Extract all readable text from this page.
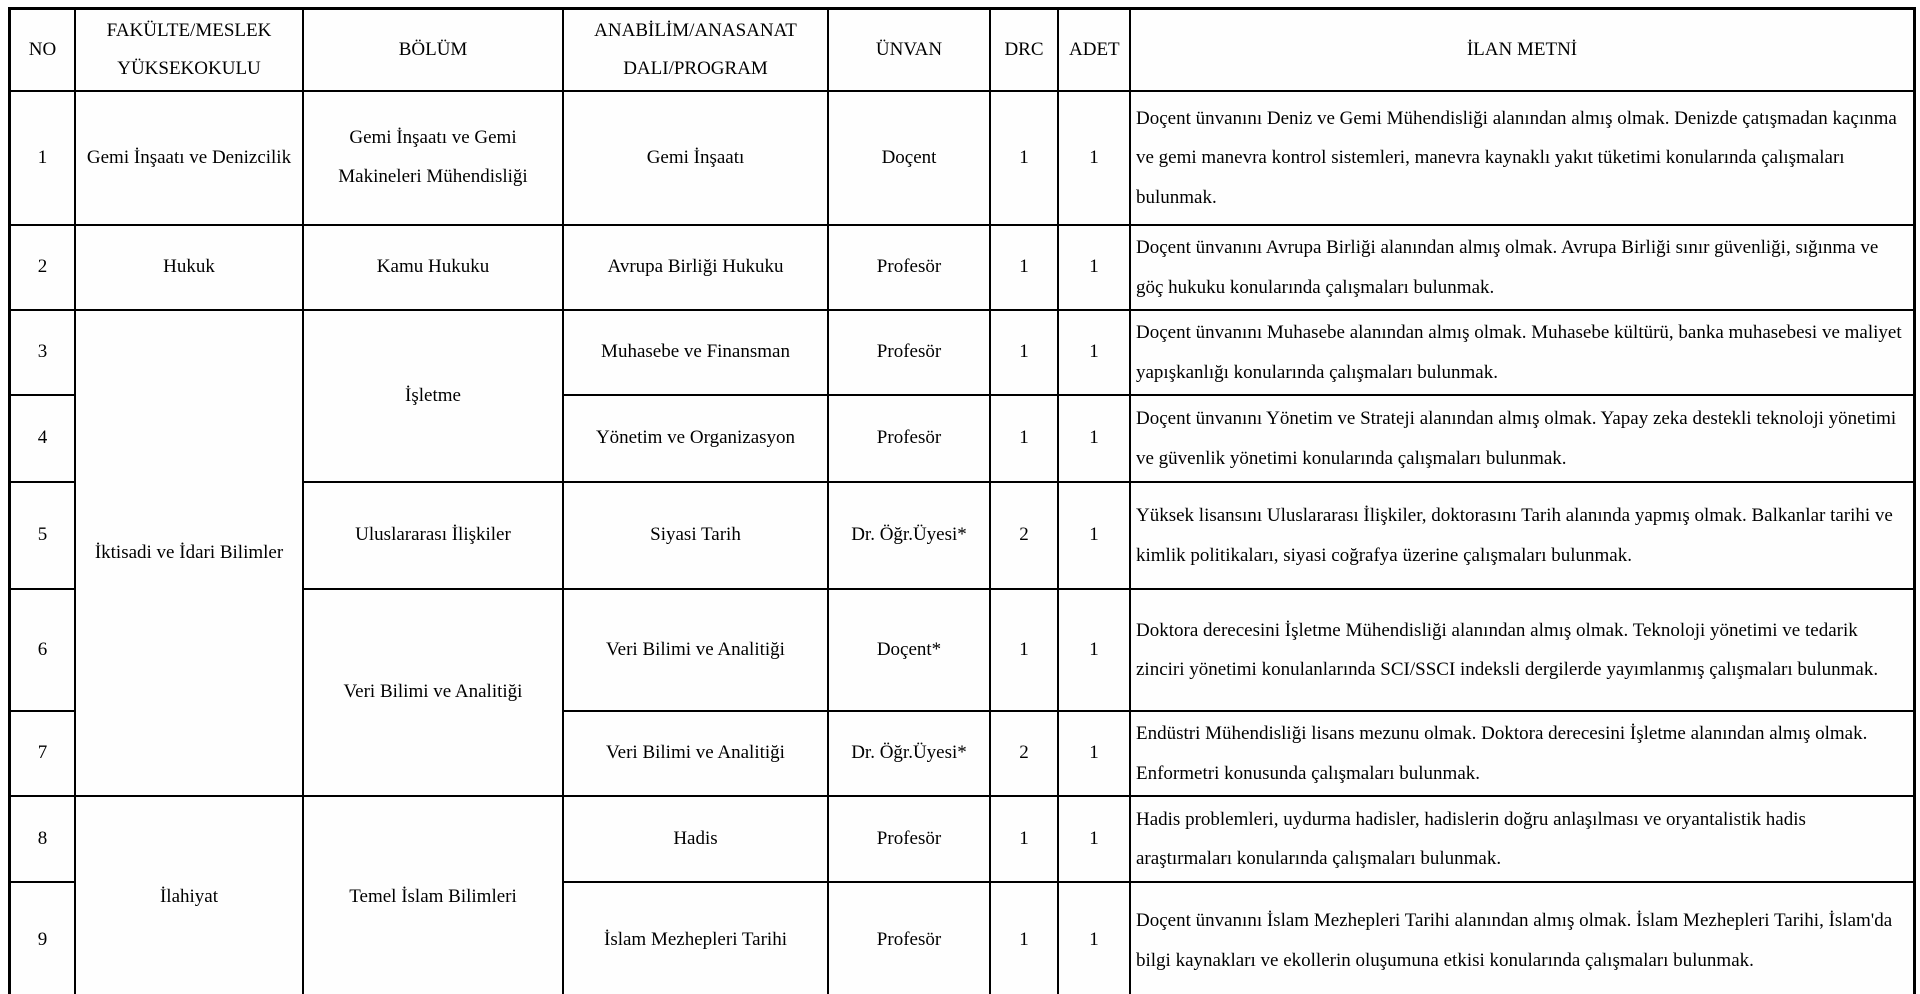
NO	FAKÜLTE/MESLEK YÜKSEKOKULU	BÖLÜM	ANABİLİM/ANASANAT DALI/PROGRAM	ÜNVAN	DRC	ADET	İLAN METNİ
1	Gemi İnşaatı ve Denizcilik	Gemi İnşaatı ve Gemi Makineleri Mühendisliği	Gemi İnşaatı	Doçent	1	1	Doçent ünvanını Deniz ve Gemi Mühendisliği alanından almış olmak. Denizde çatışmadan kaçınma ve gemi manevra kontrol sistemleri, manevra kaynaklı yakıt tüketimi konularında çalışmaları bulunmak.
2	Hukuk	Kamu Hukuku	Avrupa Birliği Hukuku	Profesör	1	1	Doçent ünvanını Avrupa Birliği alanından almış olmak. Avrupa Birliği sınır güvenliği, sığınma ve göç hukuku konularında çalışmaları bulunmak.
3	İktisadi ve İdari Bilimler	İşletme	Muhasebe ve Finansman	Profesör	1	1	Doçent ünvanını Muhasebe alanından almış olmak. Muhasebe kültürü, banka muhasebesi ve maliyet yapışkanlığı konularında çalışmaları bulunmak.
4			Yönetim ve Organizasyon	Profesör	1	1	Doçent ünvanını Yönetim ve Strateji alanından almış olmak. Yapay zeka destekli teknoloji yönetimi ve güvenlik yönetimi konularında çalışmaları bulunmak.
5		Uluslararası İlişkiler	Siyasi Tarih	Dr. Öğr.Üyesi*	2	1	Yüksek lisansını Uluslararası İlişkiler, doktorasını Tarih alanında yapmış olmak. Balkanlar tarihi ve kimlik politikaları, siyasi coğrafya üzerine çalışmaları bulunmak.
6		Veri Bilimi ve Analitiği	Veri Bilimi ve Analitiği	Doçent*	1	1	Doktora derecesini İşletme Mühendisliği alanından almış olmak. Teknoloji yönetimi ve tedarik zinciri yönetimi konulanlarında SCI/SSCI indeksli dergilerde yayımlanmış çalışmaları bulunmak.
7			Veri Bilimi ve Analitiği	Dr. Öğr.Üyesi*	2	1	Endüstri Mühendisliği lisans mezunu olmak. Doktora derecesini İşletme alanından almış olmak. Enformetri konusunda çalışmaları bulunmak.
8	İlahiyat	Temel İslam Bilimleri	Hadis	Profesör	1	1	Hadis problemleri, uydurma hadisler, hadislerin doğru anlaşılması ve oryantalistik hadis araştırmaları konularında çalışmaları bulunmak.
9			İslam Mezhepleri Tarihi	Profesör	1	1	Doçent ünvanını İslam Mezhepleri Tarihi alanından almış olmak. İslam Mezhepleri Tarihi, İslam'da bilgi kaynakları ve ekollerin oluşumuna etkisi konularında çalışmaları bulunmak.
